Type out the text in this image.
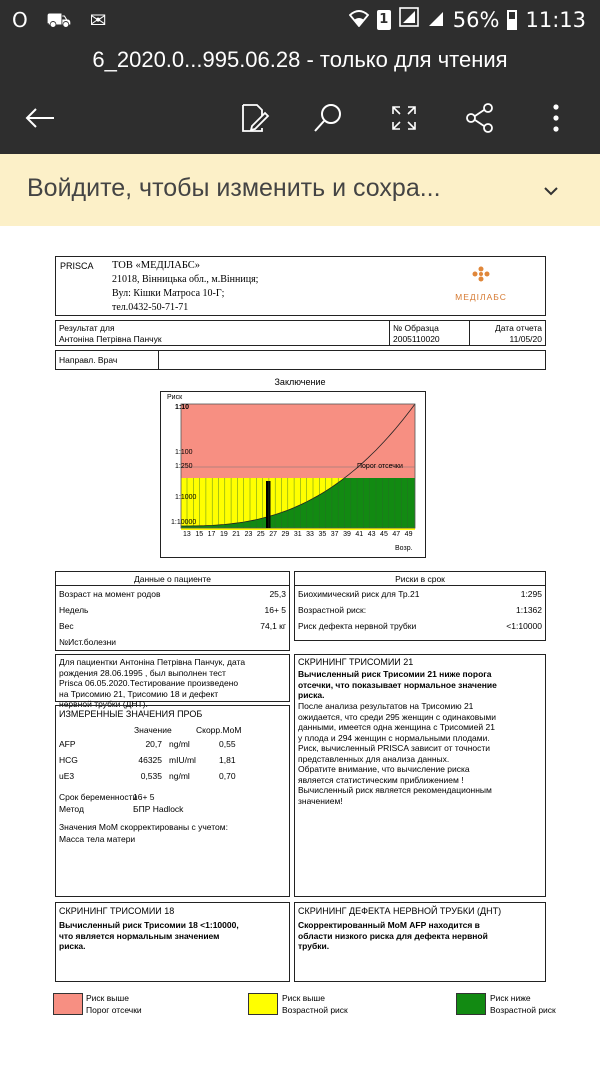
O ⛟ ✉	1	56% 11:13
6_2020.0...995.06.28 - только для чтения
Войдите, чтобы изменить и сохра...
PRISCA ТОВ «МЕДІЛАБС»
21018, Вінницька обл., м.Вінниця;
Вул: Кішки Матроса 10-Г;
тел.0432-50-71-71
МЕДІЛАБС
Результат для
Антоніна Петрівна Панчук
№ Образца
2005110020
Дата отчета
11/05/20
Направл. Врач
Заключение
Риск
1:10
1:100
1:250
1:1000
1:10000
Порог отсечки
13 15 17 19 21 23 25 27 29 31 33 35 37 39 41 43 45 47 49
Возр.
Данные о пациенте
Возраст на момент родов	25,3
Недель	16+ 5
Вес	74,1 кг
№Ист.болезни
Риски в срок
Биохимический риск для Тр.21	1:295
Возрастной риск:	1:1362
Риск дефекта нервной трубки	<1:10000
Для пациентки Антоніна Петрівна Панчук, дата
рождения 28.06.1995 , был выполнен тест
Prisca 06.05.2020.Тестирование произведено
на Трисомию 21, Трисомию 18 и дефект
нервной трубки (ДНТ).
ИЗМЕРЕННЫЕ ЗНАЧЕНИЯ ПРОБ
Значение	Скорр.МоМ
AFP	20,7 ng/ml	0,55
HCG	46325 mIU/ml	1,81
uE3	0,535 ng/ml	0,70
Срок беременности
16+ 5
Метод	БПР Hadlock
Значения МоМ скорректированы с учетом:
Масса тела матери
СКРИНИНГ ТРИСОМИИ 21
Вычисленный риск Трисомии 21 ниже порога
отсечки, что показывает нормальное значение
риска.
После анализа результатов на Трисомию 21
ожидается, что среди 295 женщин с одинаковыми
данными, имеется одна женщина с Трисомией 21
у плода и 294 женщин с нормальными плодами.
Риск, вычисленный PRISCA зависит от точности
представленных для анализа данных.
Обратите внимание, что вычисление риска
является статистическим приближением !
Вычисленный риск является рекомендационным
значением!
СКРИНИНГ ТРИСОМИИ 18
Вычисленный риск Трисомии 18 <1:10000,
что является нормальным значением
риска.
СКРИНИНГ ДЕФЕКТА НЕРВНОЙ ТРУБКИ (ДНТ)
Скорректированный МоМ AFP находится в
области низкого риска для дефекта нервной
трубки.
Риск выше
Порог отсечки
Риск выше
Возрастной риск
Риск ниже
Возрастной риск
